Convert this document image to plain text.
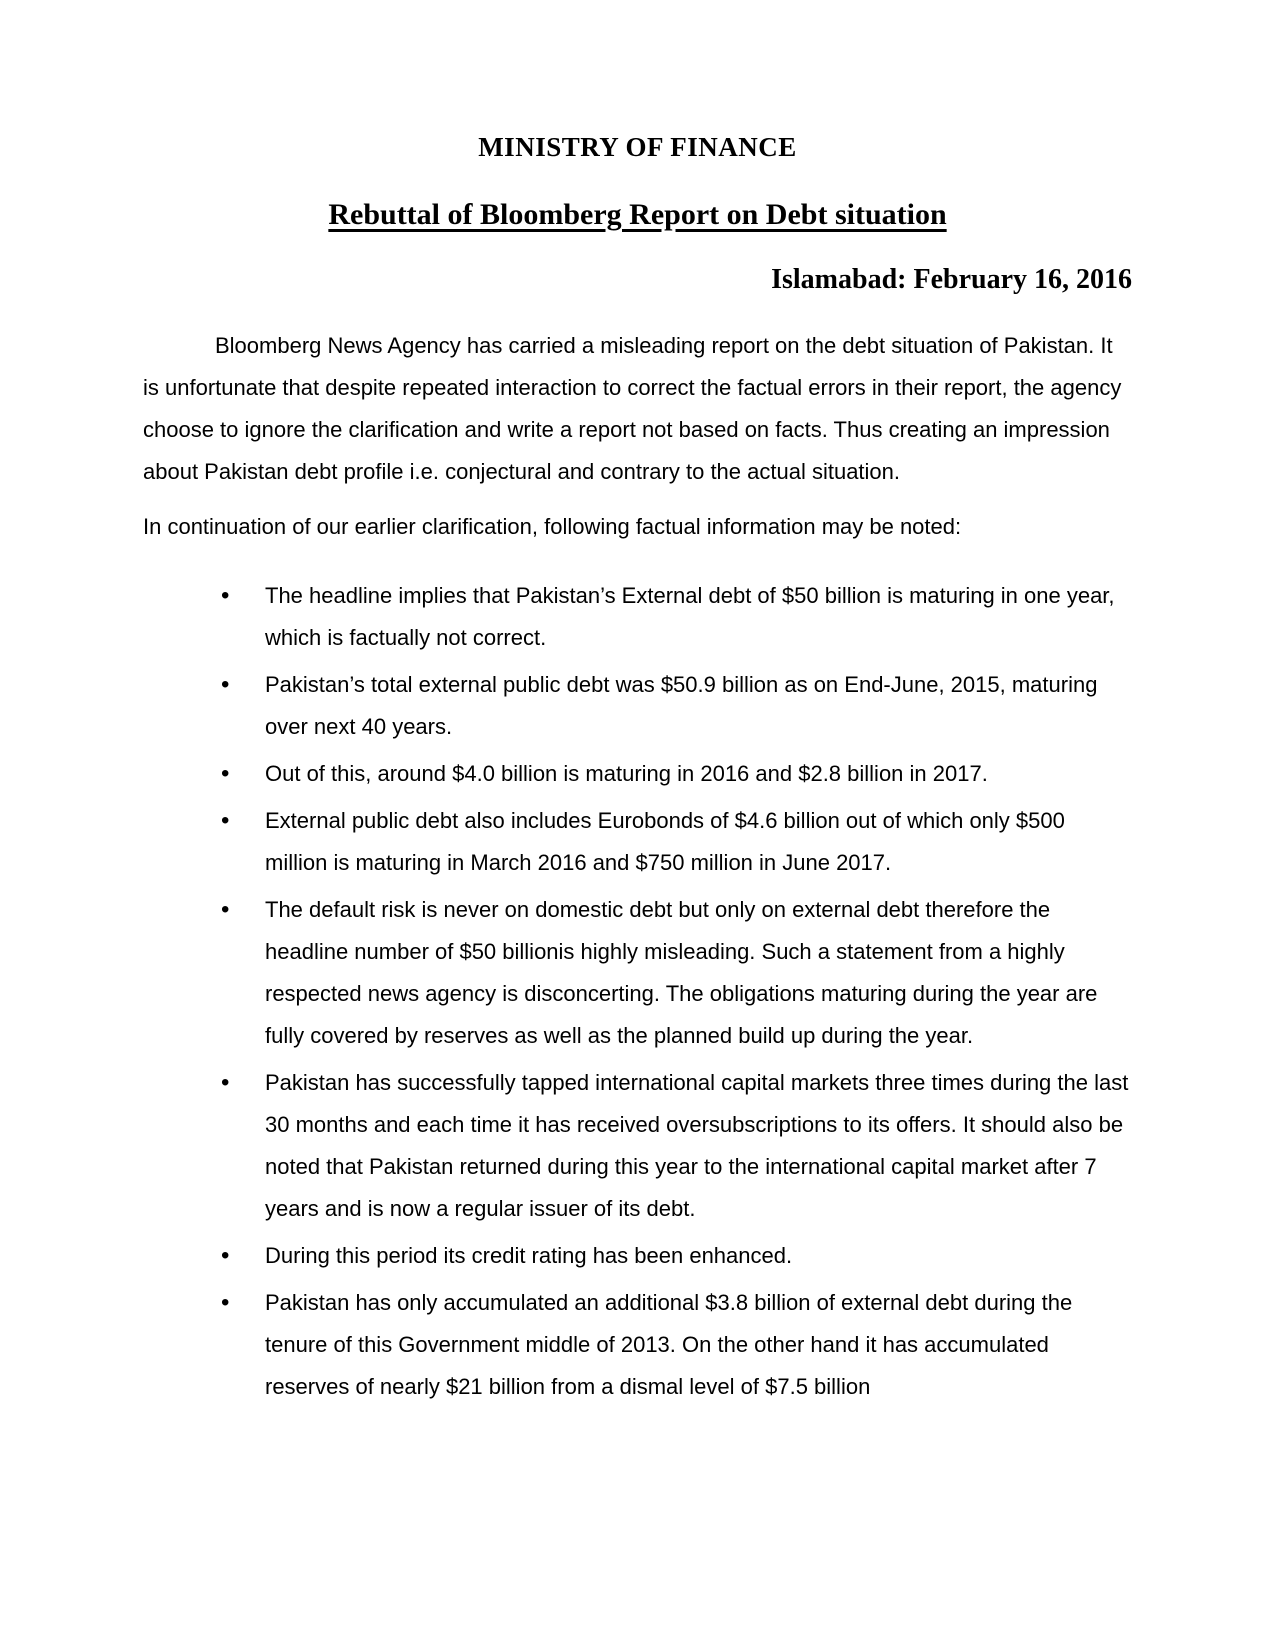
MINISTRY OF FINANCE
Rebuttal of Bloomberg Report on Debt situation
Islamabad: February 16, 2016

Bloomberg News Agency has carried a misleading report on the debt situation of Pakistan. It is unfortunate that despite repeated interaction to correct the factual errors in their report, the agency choose to ignore the clarification and write a report not based on facts. Thus creating an impression about Pakistan debt profile i.e. conjectural and contrary to the actual situation.

In continuation of our earlier clarification, following factual information may be noted:

• The headline implies that Pakistan’s External debt of $50 billion is maturing in one year, which is factually not correct.
• Pakistan’s total external public debt was $50.9 billion as on End-June, 2015, maturing over next 40 years.
• Out of this, around $4.0 billion is maturing in 2016 and $2.8 billion in 2017.
• External public debt also includes Eurobonds of $4.6 billion out of which only $500 million is maturing in March 2016 and $750 million in June 2017.
• The default risk is never on domestic debt but only on external debt therefore the headline number of $50 billionis highly misleading. Such a statement from a highly respected news agency is disconcerting. The obligations maturing during the year are fully covered by reserves as well as the planned build up during the year.
• Pakistan has successfully tapped international capital markets three times during the last 30 months and each time it has received oversubscriptions to its offers. It should also be noted that Pakistan returned during this year to the international capital market after 7 years and is now a regular issuer of its debt.
• During this period its credit rating has been enhanced.
• Pakistan has only accumulated an additional $3.8 billion of external debt during the tenure of this Government middle of 2013. On the other hand it has accumulated reserves of nearly $21 billion from a dismal level of $7.5 billion
